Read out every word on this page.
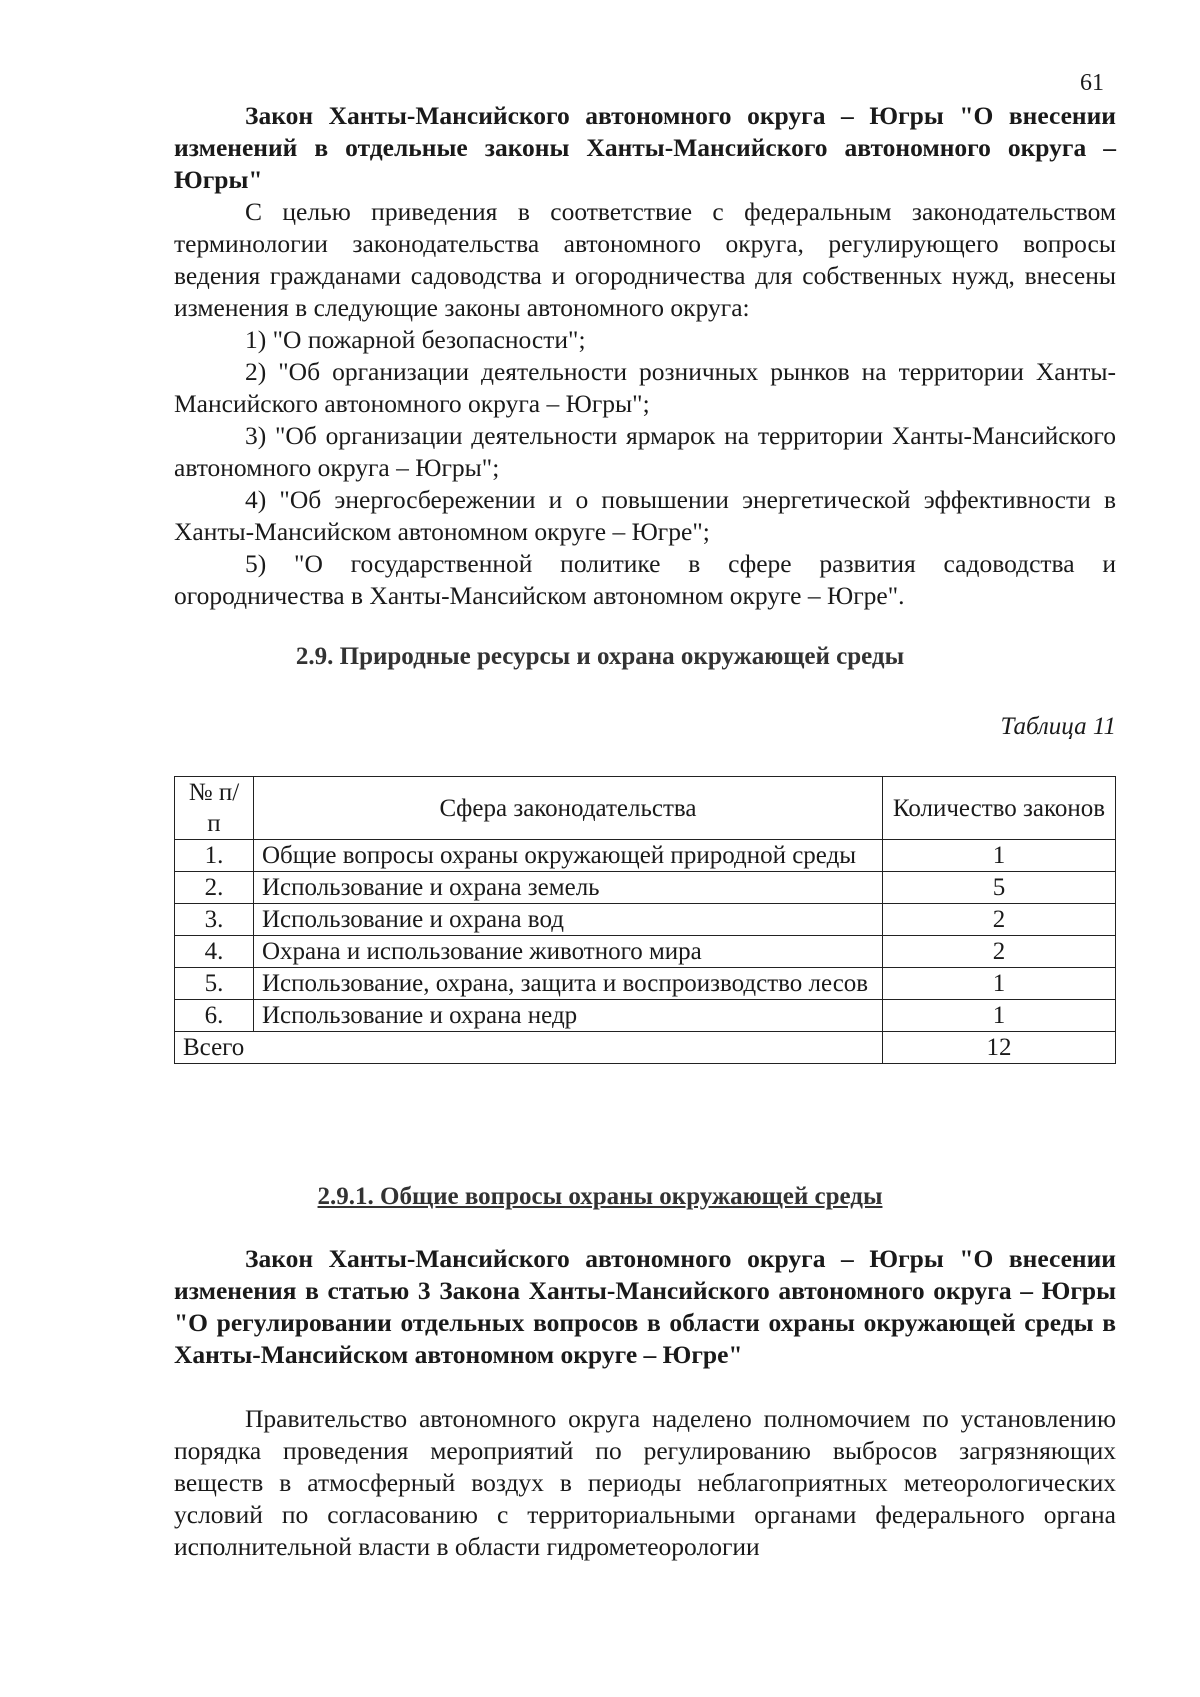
61
Закон Ханты-Мансийского автономного округа – Югры "О внесении изменений в отдельные законы Ханты-Мансийского автономного округа – Югры"
С целью приведения в соответствие с федеральным законодательством терминологии законодательства автономного округа, регулирующего вопросы ведения гражданами садоводства и огородничества для собственных нужд, внесены изменения в следующие законы автономного округа:
1) "О пожарной безопасности";
2) "Об организации деятельности розничных рынков на территории Ханты-Мансийского автономного округа – Югры";
3) "Об организации деятельности ярмарок на территории Ханты-Мансийского автономного округа – Югры";
4) "Об энергосбережении и о повышении энергетической эффективности в Ханты-Мансийском автономном округе – Югре";
5) "О государственной политике в сфере развития садоводства и огородничества в Ханты-Мансийском автономном округе – Югре".
2.9. Природные ресурсы и охрана окружающей среды
Таблица 11
№ п/п	Сфера законодательства	Количество законов
1.	Общие вопросы охраны окружающей природной среды	1
2.	Использование и охрана земель	5
3.	Использование и охрана вод	2
4.	Охрана и использование животного мира	2
5.	Использование, охрана, защита и воспроизводство лесов	1
6.	Использование и охрана недр	1
Всего		12
2.9.1. Общие вопросы охраны окружающей среды
Закон Ханты-Мансийского автономного округа – Югры "О внесении изменения в статью 3 Закона Ханты-Мансийского автономного округа – Югры "О регулировании отдельных вопросов в области охраны окружающей среды в Ханты-Мансийском автономном округе – Югре"
Правительство автономного округа наделено полномочием по установлению порядка проведения мероприятий по регулированию выбросов загрязняющих веществ в атмосферный воздух в периоды неблагоприятных метеорологических условий по согласованию с территориальными органами федерального органа исполнительной власти в области гидрометеорологии
